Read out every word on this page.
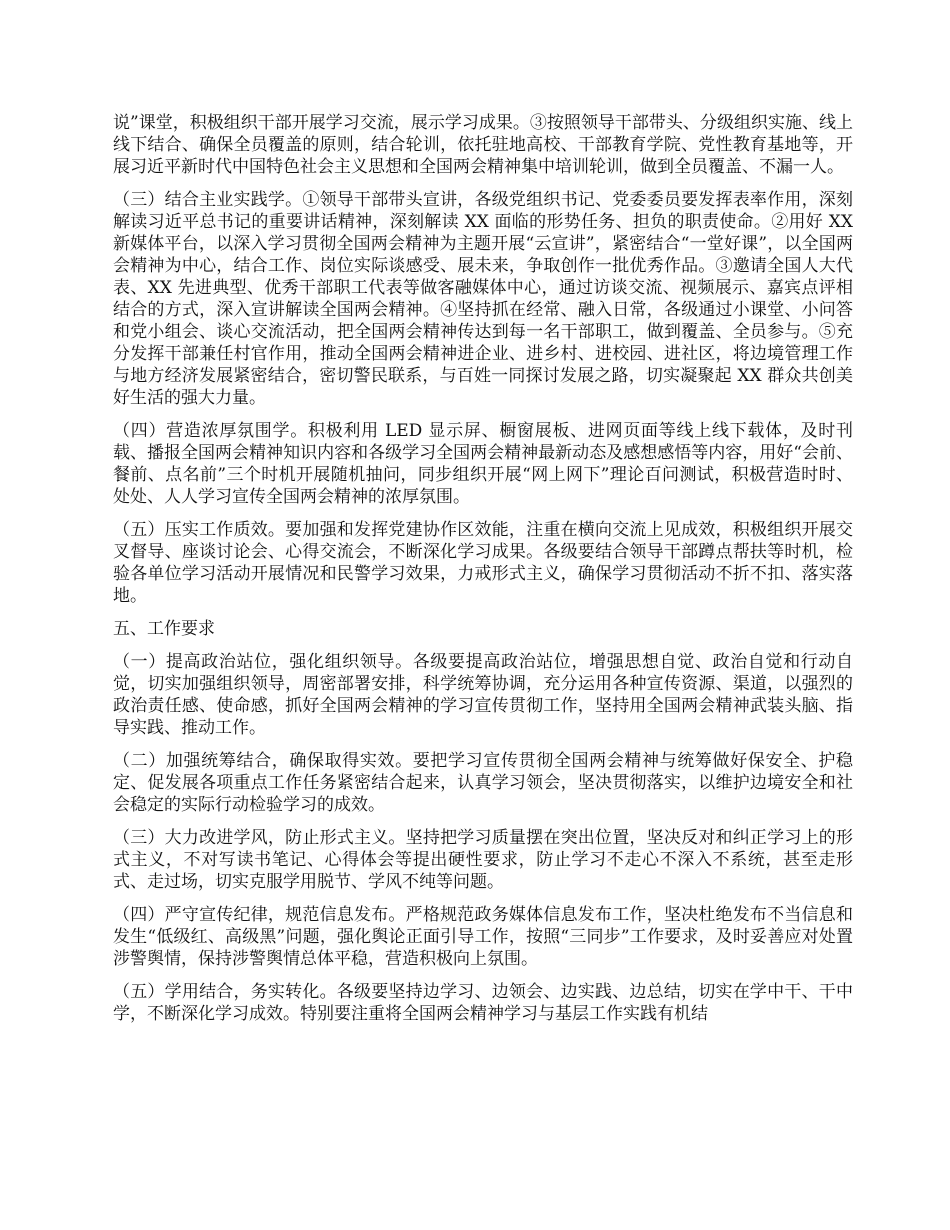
说”课堂，积极组织干部开展学习交流，展示学习成果。③按照领导干部带头、分级组织实施、线上线下结合、确保全员覆盖的原则，结合轮训，依托驻地高校、干部教育学院、党性教育基地等，开展习近平新时代中国特色社会主义思想和全国两会精神集中培训轮训，做到全员覆盖、不漏一人。

（三）结合主业实践学。①领导干部带头宣讲，各级党组织书记、党委委员要发挥表率作用，深刻解读习近平总书记的重要讲话精神，深刻解读 XX 面临的形势任务、担负的职责使命。②用好 XX 新媒体平台，以深入学习贯彻全国两会精神为主题开展“云宣讲”，紧密结合“一堂好课”，以全国两会精神为中心，结合工作、岗位实际谈感受、展未来，争取创作一批优秀作品。③邀请全国人大代表、XX 先进典型、优秀干部职工代表等做客融媒体中心，通过访谈交流、视频展示、嘉宾点评相结合的方式，深入宣讲解读全国两会精神。④坚持抓在经常、融入日常，各级通过小课堂、小问答和党小组会、谈心交流活动，把全国两会精神传达到每一名干部职工，做到覆盖、全员参与。⑤充分发挥干部兼任村官作用，推动全国两会精神进企业、进乡村、进校园、进社区，将边境管理工作与地方经济发展紧密结合，密切警民联系，与百姓一同探讨发展之路，切实凝聚起 XX 群众共创美好生活的强大力量。

（四）营造浓厚氛围学。积极利用 LED 显示屏、橱窗展板、进网页面等线上线下载体，及时刊载、播报全国两会精神知识内容和各级学习全国两会精神最新动态及感想感悟等内容，用好“会前、餐前、点名前”三个时机开展随机抽问，同步组织开展“网上网下”理论百问测试，积极营造时时、处处、人人学习宣传全国两会精神的浓厚氛围。

（五）压实工作质效。要加强和发挥党建协作区效能，注重在横向交流上见成效，积极组织开展交叉督导、座谈讨论会、心得交流会，不断深化学习成果。各级要结合领导干部蹲点帮扶等时机，检验各单位学习活动开展情况和民警学习效果，力戒形式主义，确保学习贯彻活动不折不扣、落实落地。

五、工作要求

（一）提高政治站位，强化组织领导。各级要提高政治站位，增强思想自觉、政治自觉和行动自觉，切实加强组织领导，周密部署安排，科学统筹协调，充分运用各种宣传资源、渠道，以强烈的政治责任感、使命感，抓好全国两会精神的学习宣传贯彻工作，坚持用全国两会精神武装头脑、指导实践、推动工作。

（二）加强统筹结合，确保取得实效。要把学习宣传贯彻全国两会精神与统筹做好保安全、护稳定、促发展各项重点工作任务紧密结合起来，认真学习领会，坚决贯彻落实，以维护边境安全和社会稳定的实际行动检验学习的成效。

（三）大力改进学风，防止形式主义。坚持把学习质量摆在突出位置，坚决反对和纠正学习上的形式主义，不对写读书笔记、心得体会等提出硬性要求，防止学习不走心不深入不系统，甚至走形式、走过场，切实克服学用脱节、学风不纯等问题。

（四）严守宣传纪律，规范信息发布。严格规范政务媒体信息发布工作，坚决杜绝发布不当信息和发生“低级红、高级黑”问题，强化舆论正面引导工作，按照“三同步”工作要求，及时妥善应对处置涉警舆情，保持涉警舆情总体平稳，营造积极向上氛围。

（五）学用结合，务实转化。各级要坚持边学习、边领会、边实践、边总结，切实在学中干、干中学，不断深化学习成效。特别要注重将全国两会精神学习与基层工作实践有机结
